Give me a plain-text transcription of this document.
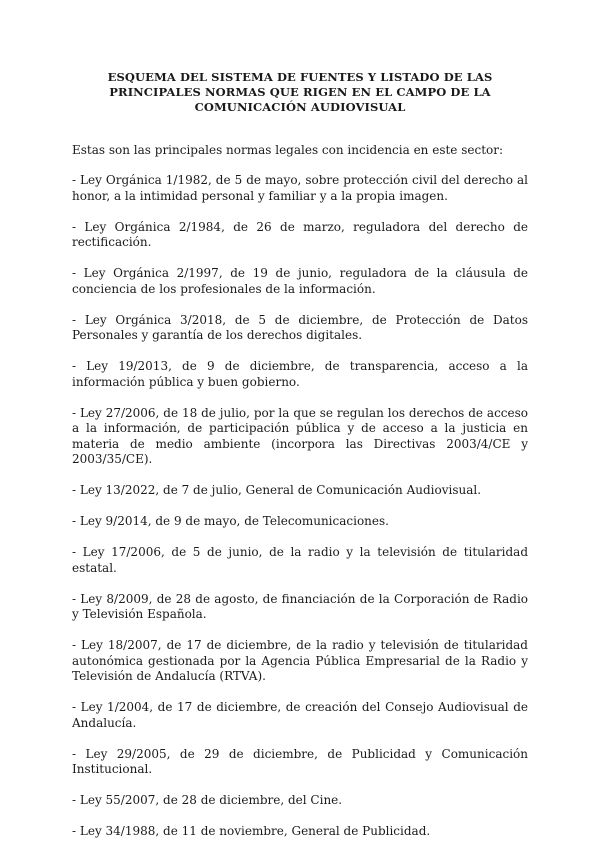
ESQUEMA DEL SISTEMA DE FUENTES Y LISTADO DE LAS PRINCIPALES NORMAS QUE RIGEN EN EL CAMPO DE LA COMUNICACIÓN AUDIOVISUAL

Estas son las principales normas legales con incidencia en este sector:

- Ley Orgánica 1/1982, de 5 de mayo, sobre protección civil del derecho al honor, a la intimidad personal y familiar y a la propia imagen.
- Ley Orgánica 2/1984, de 26 de marzo, reguladora del derecho de rectificación.
- Ley Orgánica 2/1997, de 19 de junio, reguladora de la cláusula de conciencia de los profesionales de la información.
- Ley Orgánica 3/2018, de 5 de diciembre, de Protección de Datos Personales y garantía de los derechos digitales.
- Ley 19/2013, de 9 de diciembre, de transparencia, acceso a la información pública y buen gobierno.
- Ley 27/2006, de 18 de julio, por la que se regulan los derechos de acceso a la información, de participación pública y de acceso a la justicia en materia de medio ambiente (incorpora las Directivas 2003/4/CE y 2003/35/CE).
- Ley 13/2022, de 7 de julio, General de Comunicación Audiovisual.
- Ley 9/2014, de 9 de mayo, de Telecomunicaciones.
- Ley 17/2006, de 5 de junio, de la radio y la televisión de titularidad estatal.
- Ley 8/2009, de 28 de agosto, de financiación de la Corporación de Radio y Televisión Española.
- Ley 18/2007, de 17 de diciembre, de la radio y televisión de titularidad autonómica gestionada por la Agencia Pública Empresarial de la Radio y Televisión de Andalucía (RTVA).
- Ley 1/2004, de 17 de diciembre, de creación del Consejo Audiovisual de Andalucía.
- Ley 29/2005, de 29 de diciembre, de Publicidad y Comunicación Institucional.
- Ley 55/2007, de 28 de diciembre, del Cine.
- Ley 34/1988, de 11 de noviembre, General de Publicidad.
